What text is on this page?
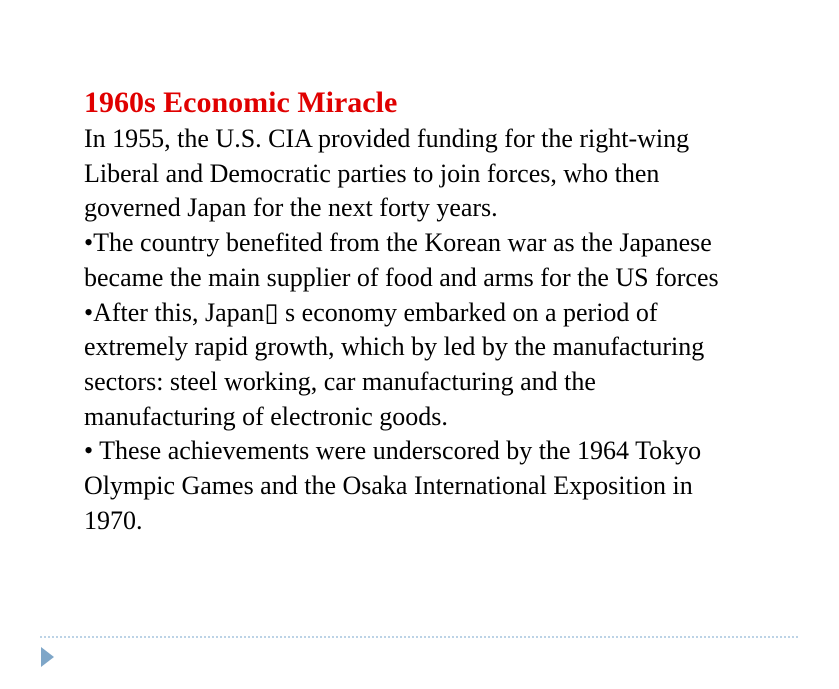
1960s Economic Miracle
In 1955, the U.S. CIA provided funding for the right-wing
Liberal and Democratic parties to join forces, who then
governed Japan for the next forty years.
•The country benefited from the Korean war as the Japanese
became the main supplier of food and arms for the US forces
•After this, Japan▯ s economy embarked on a period of
extremely rapid growth, which by led by the manufacturing
sectors: steel working, car manufacturing and the
manufacturing of electronic goods.
• These achievements were underscored by the 1964 Tokyo
Olympic Games and the Osaka International Exposition in
1970.
